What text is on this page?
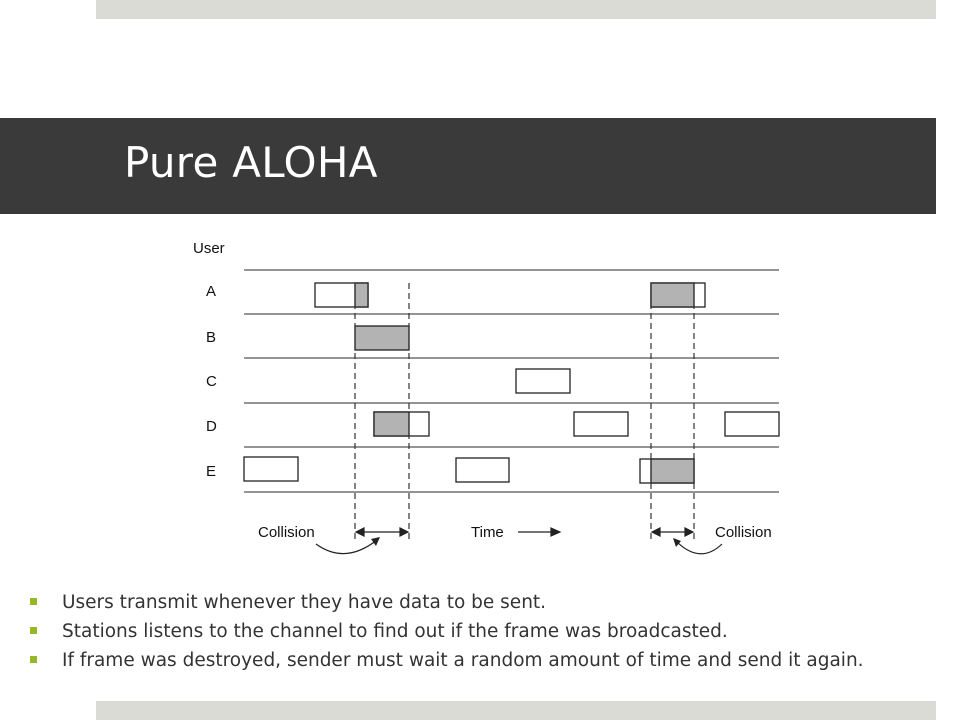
Pure ALOHA
User
A
B
C
D
E
Collision	Time	Collision
Users transmit whenever they have data to be sent.
Stations listens to the channel to find out if the frame was broadcasted.
If frame was destroyed, sender must wait a random amount of time and send it again.
